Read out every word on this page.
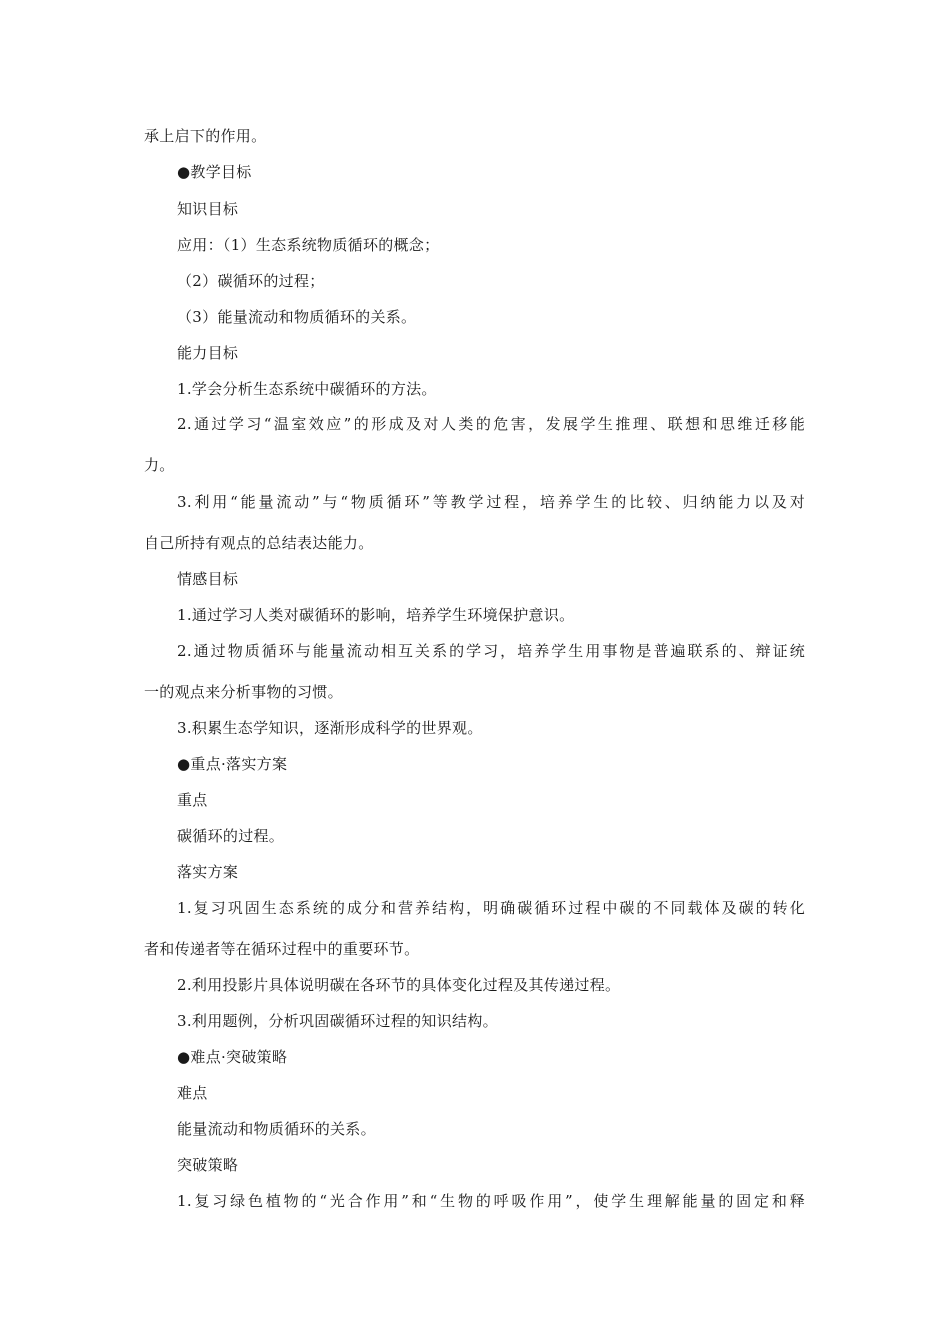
承上启下的作用。
●教学目标
知识目标
应用：（1）生态系统物质循环的概念；
（2）碳循环的过程；
（3）能量流动和物质循环的关系。
能力目标
1.学会分析生态系统中碳循环的方法。
2.通过学习“温室效应”的形成及对人类的危害，发展学生推理、联想和思维迁移能
力。
3.利用“能量流动”与“物质循环”等教学过程，培养学生的比较、归纳能力以及对
自己所持有观点的总结表达能力。
情感目标
1.通过学习人类对碳循环的影响，培养学生环境保护意识。
2.通过物质循环与能量流动相互关系的学习，培养学生用事物是普遍联系的、辩证统
一的观点来分析事物的习惯。
3.积累生态学知识，逐渐形成科学的世界观。
●重点·落实方案
重点
碳循环的过程。
落实方案
1.复习巩固生态系统的成分和营养结构，明确碳循环过程中碳的不同载体及碳的转化
者和传递者等在循环过程中的重要环节。
2.利用投影片具体说明碳在各环节的具体变化过程及其传递过程。
3.利用题例，分析巩固碳循环过程的知识结构。
●难点·突破策略
难点
能量流动和物质循环的关系。
突破策略
1.复习绿色植物的“光合作用”和“生物的呼吸作用”，使学生理解能量的固定和释
